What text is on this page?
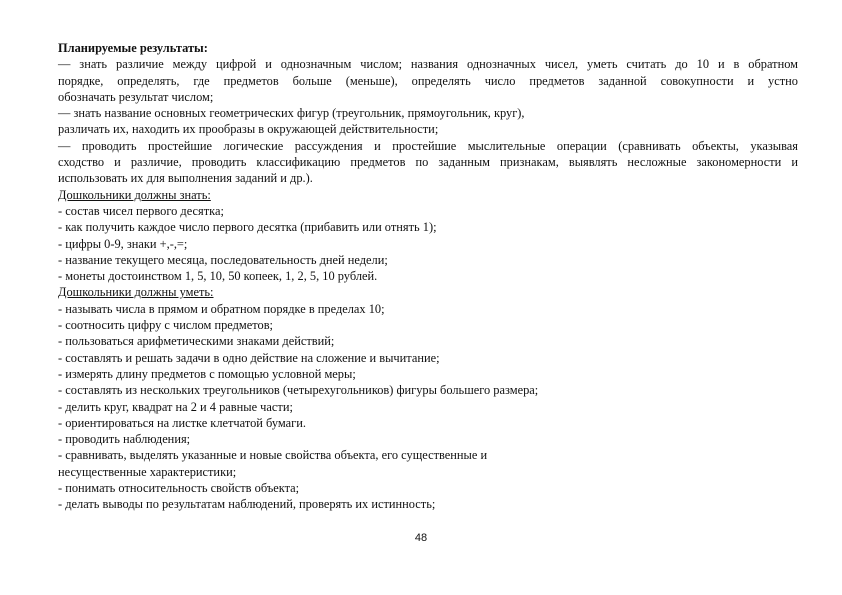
Планируемые результаты:
— знать различие между цифрой и однозначным числом; названия однозначных чисел, уметь считать до 10 и в обратном
порядке, определять, где предметов больше (меньше), определять число предметов заданной совокупности и устно
обозначать результат числом;
— знать название основных геометрических фигур (треугольник, прямоугольник, круг),
различать их, находить их прообразы в окружающей действительности;
— проводить простейшие логические рассуждения и простейшие мыслительные операции (сравнивать объекты, указывая
сходство и различие, проводить классификацию предметов по заданным признакам, выявлять несложные закономерности и
использовать их для выполнения заданий и др.).
Дошкольники должны знать:
- состав чисел первого десятка;
- как получить каждое число первого десятка (прибавить или отнять 1);
- цифры 0-9, знаки +,-,=;
- название текущего месяца, последовательность дней недели;
- монеты достоинством 1, 5, 10, 50 копеек, 1, 2, 5, 10 рублей.
Дошкольники должны уметь:
- называть числа в прямом и обратном порядке в пределах 10;
- соотносить цифру с числом предметов;
- пользоваться арифметическими знаками действий;
- составлять и решать задачи в одно действие на сложение и вычитание;
- измерять длину предметов с помощью условной меры;
- составлять из нескольких треугольников (четырехугольников) фигуры большего размера;
- делить круг, квадрат на 2 и 4 равные части;
- ориентироваться на листке клетчатой бумаги.
- проводить наблюдения;
- сравнивать, выделять указанные и новые свойства объекта, его существенные и
несущественные характеристики;
- понимать относительность свойств объекта;
- делать выводы по результатам наблюдений, проверять их истинность;
48
